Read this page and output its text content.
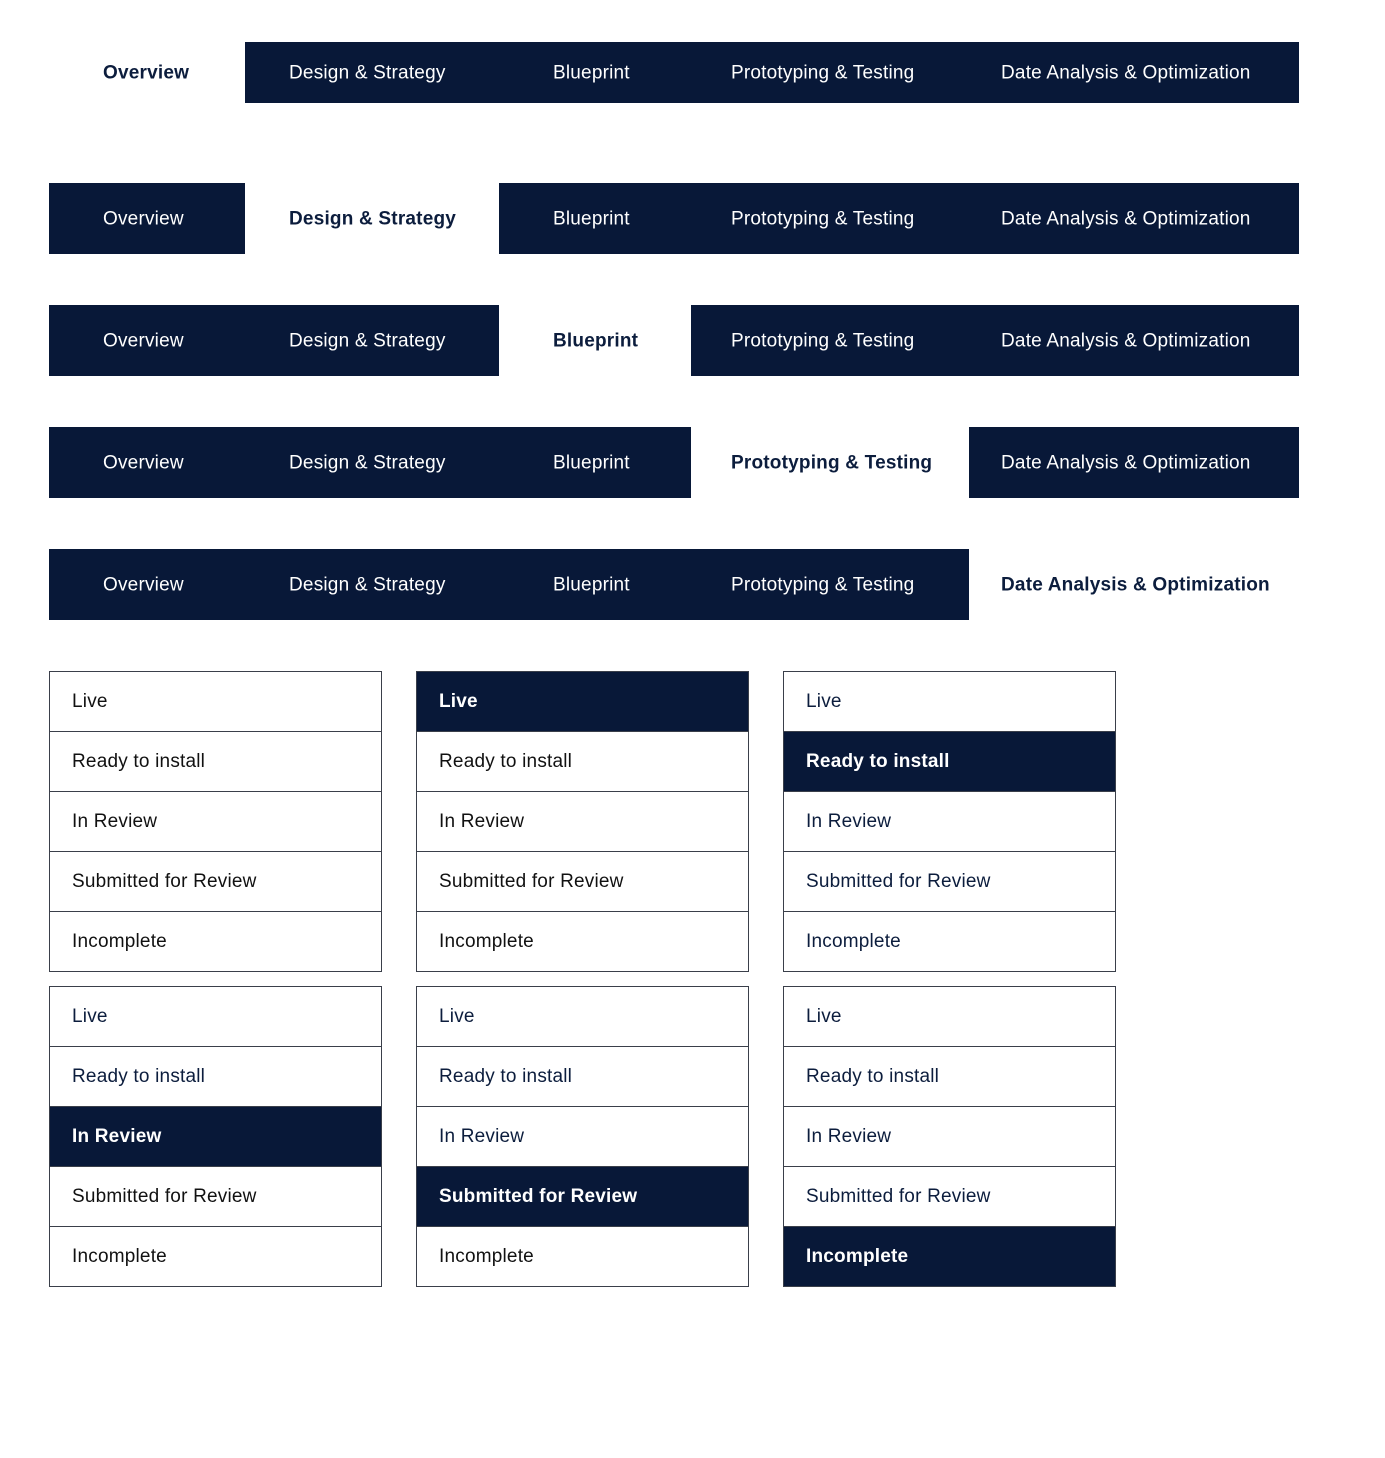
Overview	Design & Strategy	Blueprint	Prototyping & Testing	Date Analysis & Optimization
Overview	Design & Strategy	Blueprint	Prototyping & Testing	Date Analysis & Optimization
Overview	Design & Strategy	Blueprint	Prototyping & Testing	Date Analysis & Optimization
Overview	Design & Strategy	Blueprint	Prototyping & Testing	Date Analysis & Optimization
Overview	Design & Strategy	Blueprint	Prototyping & Testing	Date Analysis & Optimization
Live
Ready to install
In Review
Submitted for Review
Incomplete
Live
Ready to install
In Review
Submitted for Review
Incomplete
Live
Ready to install
In Review
Submitted for Review
Incomplete
Live
Ready to install
In Review
Submitted for Review
Incomplete
Live
Ready to install
In Review
Submitted for Review
Incomplete
Live
Ready to install
In Review
Submitted for Review
Incomplete
